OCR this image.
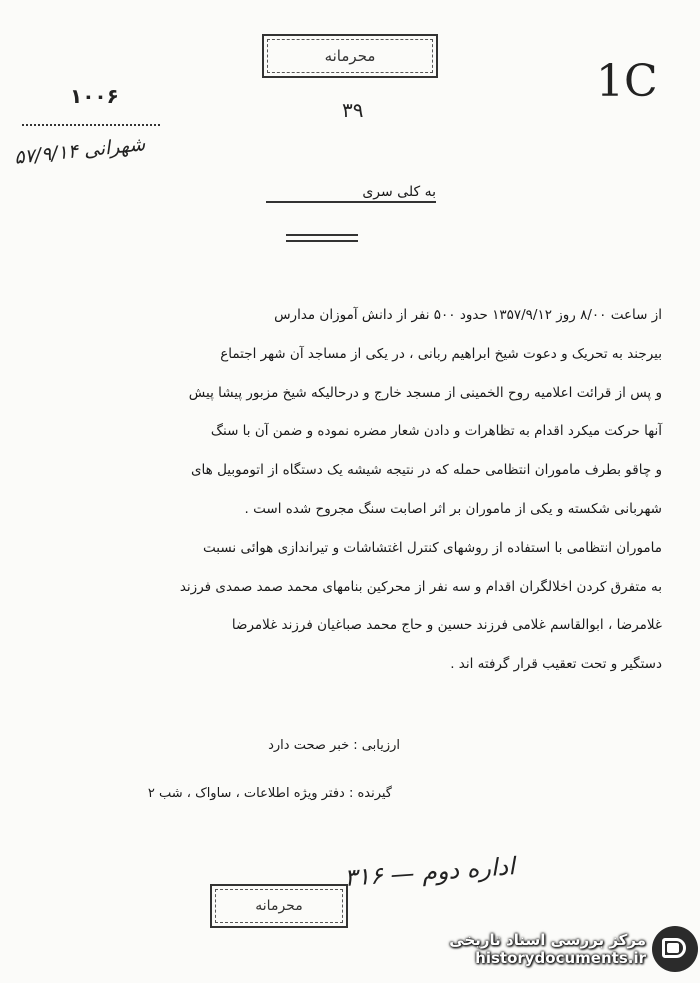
محرمانه	1C
۱۰۰۶
۳۹
شهرانی ۵۷/۹/۱۴
به کلی سری

از ساعت ۸/۰۰ روز ۱۳۵۷/۹/۱۲ حدود ۵۰۰ نفر از دانش آموزان مدارس

بیرجند به تحریک و دعوت شیخ ابراهیم ربانی ، در یکی از مساجد آن شهر اجتماع

و پس از قرائت اعلامیه روح الخمینی از مسجد خارج و درحالیکه شیخ مزبور پیشا پیش

آنها حرکت میکرد اقدام به تظاهرات و دادن شعار مضره نموده و ضمن آن با سنگ

و چاقو بطرف ماموران انتظامی حمله که در نتیجه شیشه یک دستگاه از اتوموبیل های

شهربانی شکسته و یکی از ماموران بر اثر اصابت سنگ مجروح شده است .

ماموران انتظامی با استفاده از روشهای کنترل اغتشاشات و تیراندازی هوائی نسبت

به متفرق کردن اخلالگران اقدام و سه نفر از محرکین بنامهای محمد صمد صمدی فرزند

غلامرضا ، ابوالقاسم غلامی فرزند حسین و حاج محمد صباغیان فرزند غلامرضا

دستگیر و تحت تعقیب قرار گرفته اند .

ارزیابی : خبر صحت دارد
گیرنده : دفتر ویژه اطلاعات ، ساواک ، شب ۲
اداره دوم — ۳۱۶
محرمانه
مرکز بررسی اسناد تاریخی
historydocuments.ir
